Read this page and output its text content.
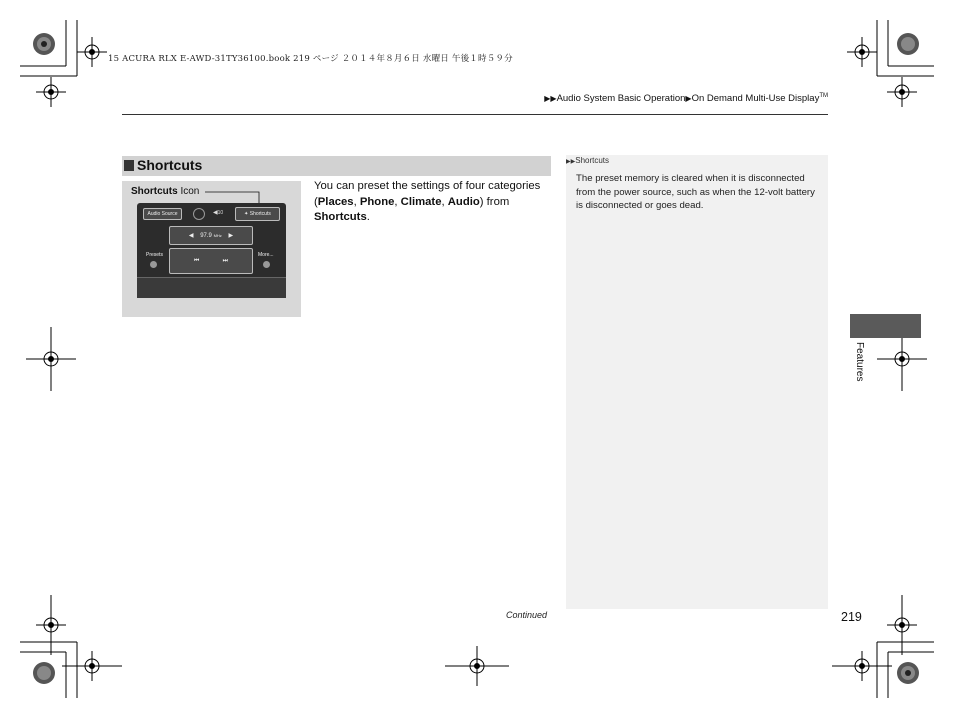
15 ACURA RLX E-AWD-31TY36100.book 219 ページ ２０１４年８月６日 水曜日 午後１時５９分
▶▶Audio System Basic Operation▶On Demand Multi-Use Display™
Shortcuts
Shortcuts Icon
Audio Source	◀10	✦ Shortcuts
◀    97.9 MHz    ▶
Presets
⏮              ⏭
More...
You can preset the settings of four categories (Places, Phone, Climate, Audio) from Shortcuts.
▶▶Shortcuts
The preset memory is cleared when it is disconnected from the power source, such as when the 12-volt battery is disconnected or goes dead.
Features
Continued	219
